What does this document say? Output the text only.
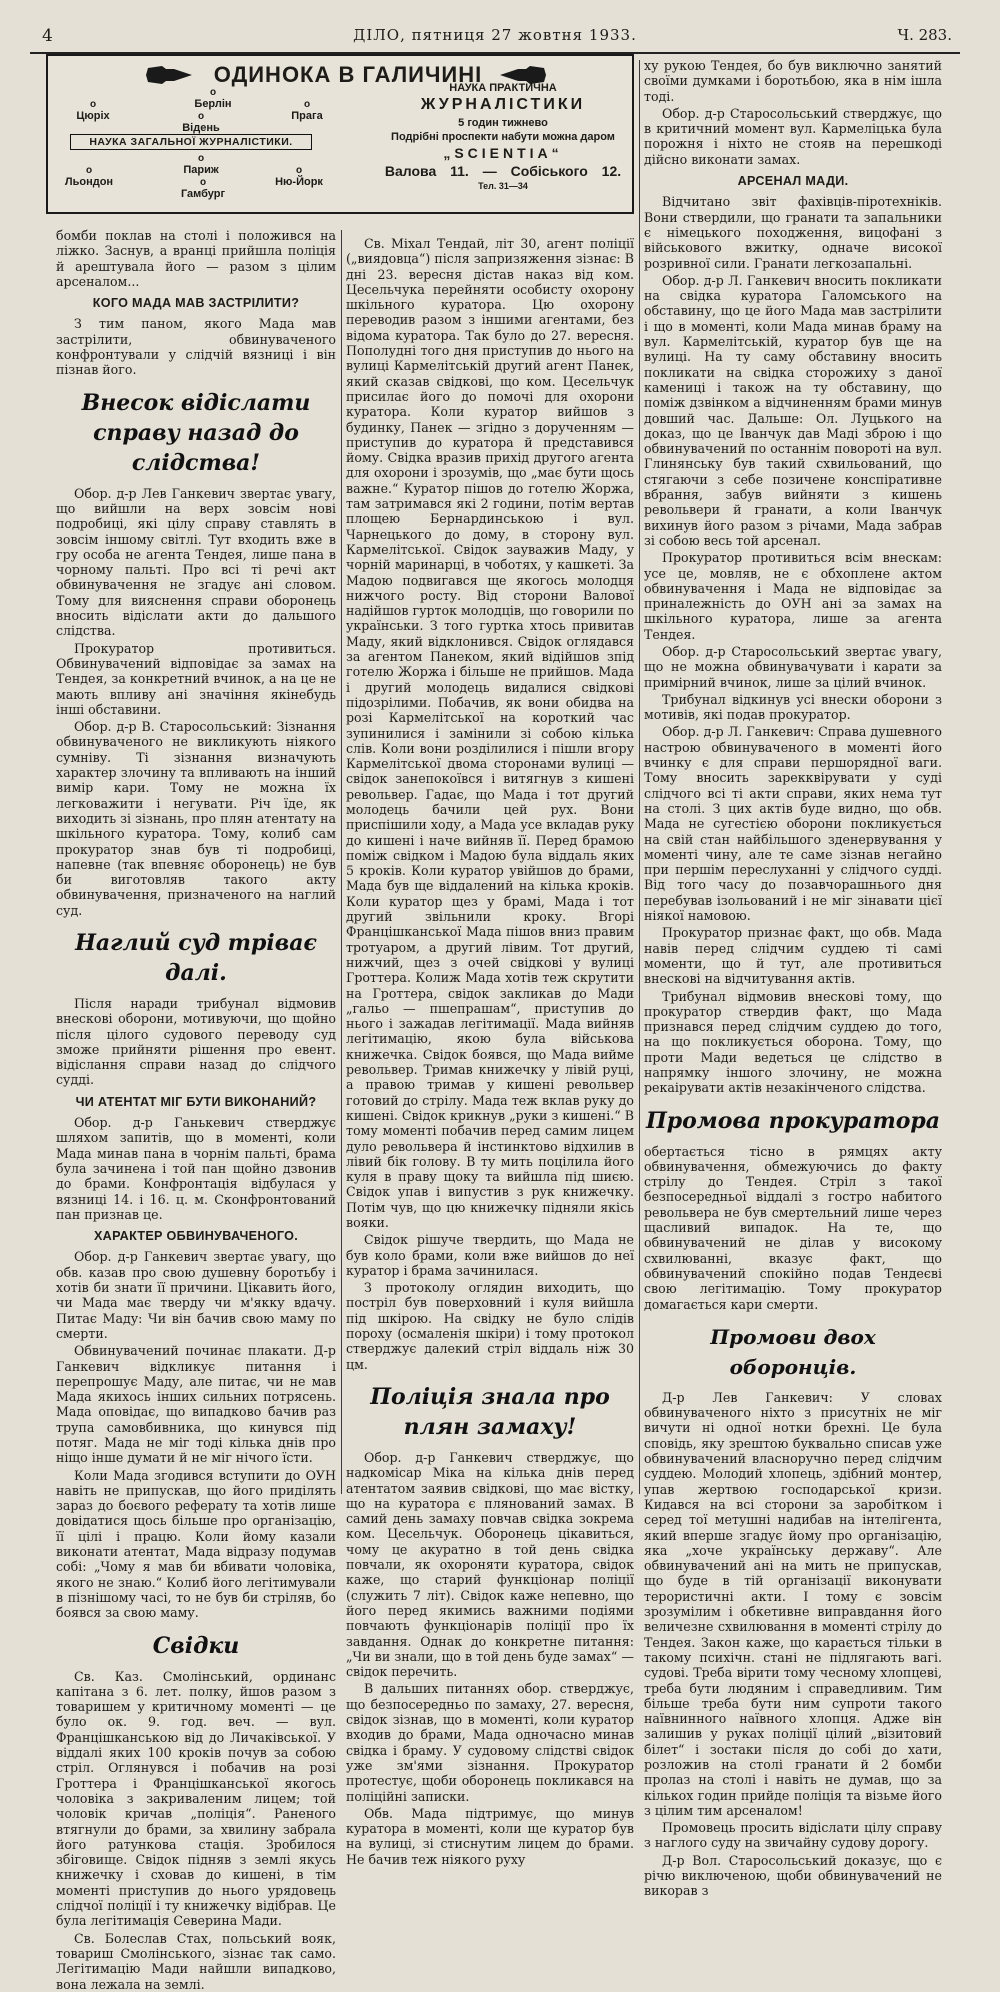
4	ДІЛО, пятниця 27 жовтня 1933.	Ч. 283.
ОДИНОКА В ГАЛИЧИНІ
o
Цюріх
o
Берлін
o
Відень
o
Прага
НАУКА ЗАГАЛЬНОЇ ЖУРНАЛІСТИКИ.
o
Льондон
o
Париж
o
Гамбург
o
Ню-Йорк
НАУКА ПРАКТИЧНА
ЖУРНАЛІСТИКИ
5 годин тижнево
Подрібні проспекти набути можна даром
„SCIENTIA“
Валова 11. — Собіського 12.
Тел. 31—34

бомби поклав на столі і положився на ліжко. Заснув, а вранці прийшла поліція й арештувала його — разом з цілим арсеналом...

КОГО МАДА МАВ ЗАСТРІЛИТИ?

З тим паном, якого Мада мав застрілити, обвинуваченого конфронтували у слідчій вязниці і він пізнав його.

Внесок відіслати справу назад до слідства!

Обор. д-р Лев Ганкевич звертає увагу, що вийшли на верх зовсім нові подробиці, які цілу справу ставлять в зовсім іншому світлі. Тут входить вже в гру особа не агента Тендея, лише пана в чорному пальті. Про всі ті речі акт обвинувачення не згадує ані словом. Тому для вияснення справи оборонець вносить відіслати акти до дальшого слідства.

Прокуратор противиться. Обвинувачений відповідає за замах на Тендея, за конкретний вчинок, а на це не мають впливу ані значіння якінебудь інші обставини.

Обор. д-р В. Старосольський: Зізнання обвинуваченого не викликують ніякого сумніву. Ті зізнання визначують характер злочину та впливають на інший вимір кари. Тому не можна їх легковажити і негувати. Річ їде, як виходить зі зізнань, про плян атентату на шкільного куратора. Тому, колиб сам прокуратор знав був ті подробиці, напевне (так впевняє оборонець) не був би виготовляв такого акту обвинувачення, призначеного на наглий суд.

Наглий суд тріває далі.

Після наради трибунал відмовив внескові оборони, мотивуючи, що щойно після цілого судового переводу суд зможе прийняти рішення про евент. відіслання справи назад до слідчого судді.

ЧИ АТЕНТАТ МІГ БУТИ ВИКОНАНИЙ?

Обор. д-р Ганькевич стверджує шляхом запитів, що в моменті, коли Мада минав пана в чорнім пальті, брама була зачинена і той пан щойно дзвонив до брами. Конфронтація відбулася у вязниці 14. і 16. ц. м. Сконфронтований пан признав це.

ХАРАКТЕР ОБВИНУВАЧЕНОГО.

Обор. д-р Ганкевич звертає увагу, що обв. казав про свою душевну боротьбу і хотів би знати її причини. Цікавить його, чи Мада має тверду чи м'якку вдачу. Питає Маду: Чи він бачив свою маму по смерти.

Обвинувачений починає плакати. Д-р Ганкевич відкликує питання і перепрошує Маду, але питає, чи не мав Мада якихось інших сильних потрясень. Мада оповідає, що випадково бачив раз трупа самовбивника, що кинувся під потяг. Мада не міг тоді кілька днів про ніщо інше думати й не міг нічого їсти.

Коли Мада згодився вступити до ОУН навіть не припускав, що його приділять зараз до боєвого реферату та хотів лише довідатися щось більше про організацію, її цілі і працю. Коли йому казали виконати атентат, Мада відразу подумав собі: „Чому я мав би вбивати чоловіка, якого не знаю.“ Колиб його легітимували в пізнішому часі, то не був би стріляв, бо боявся за свою маму.

Свідки

Св. Каз. Смолінський, ординанс капітана з 6. лет. полку, йшов разом з товаришем у критичному моменті — це було ок. 9. год. веч. — вул. Францішканською від до Личаківської. У віддалі яких 100 кроків почув за собою стріл. Оглянувся і побачив на розі Гроттера і Францішканської якогось чоловіка з закриваленим лицем; той чоловік кричав „поліція“. Раненого втягнули до брами, за хвилину забрала його ратункова стація. Зробилося збіговище. Свідок підняв з землі якусь книжечку і сховав до кишені, в тім моменті приступив до нього урядовець слідчої поліції і ту книжечку відібрав. Це була легітимація Северина Мади.

Св. Болеслав Стах, польський вояк, товариш Смолінського, зізнає так само. Легітимацію Мади найшли випадково, вона лежала на землі.

Св. Міхал Тендай, літ 30, агент поліції („виядовца“) після запризяження зізнає: В дні 23. вересня дістав наказ від ком. Цесельчука перейняти особисту охорону шкільного куратора. Цю охорону переводив разом з іншими агентами, без відома куратора. Так було до 27. вересня. Пополудні того дня приступив до нього на вулиці Кармелітській другий агент Панек, який сказав свідкові, що ком. Цесельчук присилає його до помочі для охорони куратора. Коли куратор вийшов з будинку, Панек — згідно з дорученням — приступив до куратора й представився йому. Свідка вразив прихід другого агента для охорони і зрозумів, що „має бути щось важне.“ Куратор пішов до готелю Жоржа, там затримався які 2 години, потім вертав площею Бернардинською і вул. Чарнецького до дому, в сторону вул. Кармелітської. Свідок зауважив Маду, у чорній маринарці, в чоботях, у кашкеті. За Мадою подвигався ще якогось молодця нижчого росту. Від сторони Валової надійшов гурток молодців, що говорили по українськи. З того гуртка хтось привитав Маду, який відклонився. Свідок оглядався за агентом Панеком, який відійшов зпід готелю Жоржа і більше не прийшов. Мада і другий молодець видалися свідкові підозрілими. Побачив, як вони обидва на розі Кармелітської на короткий час зупинилися і замінили зі собою кілька слів. Коли вони розділилися і пішли вгору Кармелітської двома сторонами вулиці — свідок занепокоївся і витягнув з кишені револьвер. Гадає, що Мада і тот другий молодець бачили цей рух. Вони приспішили ходу, а Мада усе вкладав руку до кишені і наче вийняв її. Перед брамою поміж свідком і Мадою була віддаль яких 5 кроків. Коли куратор увійшов до брами, Мада був ще віддалений на кілька кроків. Коли куратор щез у брамі, Мада і тот другий звільнили кроку. Вгорі Францішканської Мада пішов вниз правим тротуаром, а другий лівим. Тот другий, нижчий, щез з очей свідкові у вулиці Гроттера. Колиж Мада хотів теж скрутити на Гроттера, свідок закликав до Мади „гальо — пшепрашам“, приступив до нього і зажадав легітимації. Мада вийняв легітимацію, якою була військова книжечка. Свідок боявся, що Мада вийме револьвер. Тримав книжечку у лівій руці, а правою тримав у кишені револьвер готовий до стрілу. Мада теж вклав руку до кишені. Свідок крикнув „руки з кишені.“ В тому моменті побачив перед самим лицем дуло револьвера й інстинктово відхилив в лівий бік голову. В ту мить поцілила його куля в праву щоку та вийшла під шиєю. Свідок упав і випустив з рук книжечку. Потім чув, що цю книжечку підняли якісь вояки.

Свідок рішуче твердить, що Мада не був коло брами, коли вже вийшов до неї куратор і брама зачинилася.

З протоколу оглядин виходить, що постріл був поверховний і куля вийшла під шкірою. На свідку не було слідів пороху (осмаленія шкіри) і тому протокол стверджує далекий стріл віддаль ніж 30 цм.

Поліція знала про плян замаху!

Обор. д-р Ганкевич стверджує, що надкомісар Міка на кілька днів перед атентатом заявив свідкові, що має вістку, що на куратора є плянований замах. В самий день замаху повчав свідка зокрема ком. Цесельчук. Оборонець цікавиться, чому це акуратно в той день свідка повчали, як охороняти куратора, свідок каже, що старий функціонар поліції (служить 7 літ). Свідок каже непевно, що його перед якимись важними подіями повчають функціонарів поліції про їх завдання. Однак до конкретне питання: „Чи ви знали, що в той день буде замах“ — свідок перечить.

В дальших питаннях обор. стверджує, що безпосередньо по замаху, 27. вересня, свідок зізнав, що в моменті, коли куратор входив до брами, Мада одночасно минав свідка і браму. У судовому слідстві свідок уже зм'ями зізнання. Прокуратор протестує, щоби оборонець покликався на поліційні записки.

Обв. Мада підтримує, що минув куратора в моменті, коли ще куратор був на вулиці, зі стиснутим лицем до брами. Не бачив теж ніякого руху

ху рукою Тендея, бо був виключно занятий своїми думками і боротьбою, яка в нім ішла тоді.

Обор. д-р Старосольський стверджує, що в критичний момент вул. Кармеліцька була порожня і ніхто не стояв на перешкоді дійсно виконати замах.

АРСЕНАЛ МАДИ.

Відчитано звіт фахівців-піротехніків. Вони ствердили, що гранати та запальники є німецького походження, вицофані з військового вжитку, одначе високої розривної сили. Гранати легкозапальні.

Обор. д-р Л. Ганкевич вносить покликати на свідка куратора Галомського на обставину, що це його Мада мав застрілити і що в моменті, коли Мада минав браму на вул. Кармелітській, куратор був ще на вулиці. На ту саму обставину вносить покликати на свідка сторожиху з даної камениці і також на ту обставину, що поміж дзвінком а відчиненням брами минув довший час. Дальше: Ол. Луцького на доказ, що це Іванчук дав Маді зброю і що обвинувачений по останнім повороті на вул. Глинянську був такий схвильований, що стягаючи з себе позичене конспіративне вбрання, забув вийняти з кишень револьвери й гранати, а коли Іванчук вихинув його разом з річами, Мада забрав зі собою весь той арсенал.

Прокуратор противиться всім внескам: усе це, мовляв, не є обхоплене актом обвинувачення і Мада не відповідає за приналежність до ОУН ані за замах на шкільного куратора, лише за агента Тендея.

Обор. д-р Старосольський звертає увагу, що не можна обвинувачувати і карати за примірний вчинок, лише за цілий вчинок.

Трибунал відкинув усі внески оборони з мотивів, які подав прокуратор.

Обор. д-р Л. Ганкевич: Справа душевного настрою обвинуваченого в моменті його вчинку є для справи першорядної ваги. Тому вносить зарекквірувати у суді слідчого всі ті акти справи, яких нема тут на столі. З цих актів буде видно, що обв. Мада не сугестією оборони покликується на свій стан найбільшого зденервування у моменті чину, але те саме зізнав негайно при першім переслуханні у слідчого судді. Від того часу до позавчорашнього дня перебував ізольований і не міг зінавати цієї ніякої намовою.

Прокуратор признає факт, що обв. Мада навів перед слідчим суддею ті самі моменти, що й тут, але противиться внескові на відчитування актів.

Трибунал відмовив внескові тому, що прокуратор ствердив факт, що Мада признався перед слідчим суддею до того, на що покликується оборона. Тому, що проти Мади ведеться це слідство в напрямку іншого злочину, не можна рекаірувати актів незакінченого слідства.

Промова прокуратора

обертається тісно в рямцях акту обвинувачення, обмежуючись до факту стрілу до Тендея. Стріл з такої безпосередньої віддалі з гостро набитого револьвера не був смертельний лише через щасливий випадок. На те, що обвинувачений не ділав у високому схвилюванні, вказує факт, що обвинувачений спокійно подав Тендеєві свою легітимацію. Тому прокуратор домагається кари смерти.

Промови двох оборонців.

Д-р Лев Ганкевич: У словах обвинуваченого ніхто з присутніх не міг вичути ні одної нотки брехні. Це була сповідь, яку зрештою буквально списав уже обвинувачений власноручно перед слідчим суддею. Молодий хлопець, здібний монтер, упав жертвою господарської кризи. Кидався на всі сторони за заробітком і серед тої метушні надибав на інтелігента, який вперше згадує йому про організацію, яка „хоче українську державу“. Але обвинувачений ані на мить не припускав, що буде в тій організації виконувати терористичні акти. І тому є зовсім зрозумілим і обкетивне виправдання його величезне схвилювання в моменті стрілу до Тендея. Закон каже, що карається тільки в такому психічн. стані не підлягають вагі. судові. Треба вірити тому чесному хлопцеві, треба бути людяним і справедливим. Тим більше треба бути ним супроти такого наївнинного наївного хлопця. Адже він залишив у руках поліції цілий „візитовий білет“ і зостаки після до собі до хати, розложив на столі гранати й 2 бомби пролаз на столі і навіть не думав, що за кількох годин прийде поліція та візьме його з цілим тим арсеналом!

Промовець просить відіслати цілу справу з наглого суду на звичайну судову дорогу.

Д-р Вол. Старосольський доказує, що є річю виключеною, щоби обвинувачений не викорав з
